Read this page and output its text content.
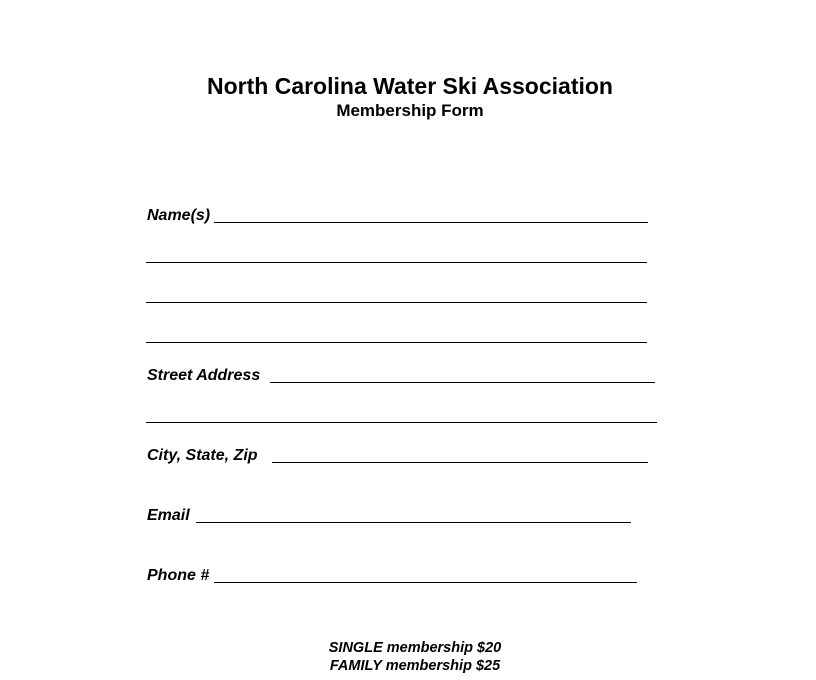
North Carolina Water Ski Association
Membership Form
Name(s)
Street Address
City, State, Zip
Email
Phone #
SINGLE membership $20
FAMILY membership $25
